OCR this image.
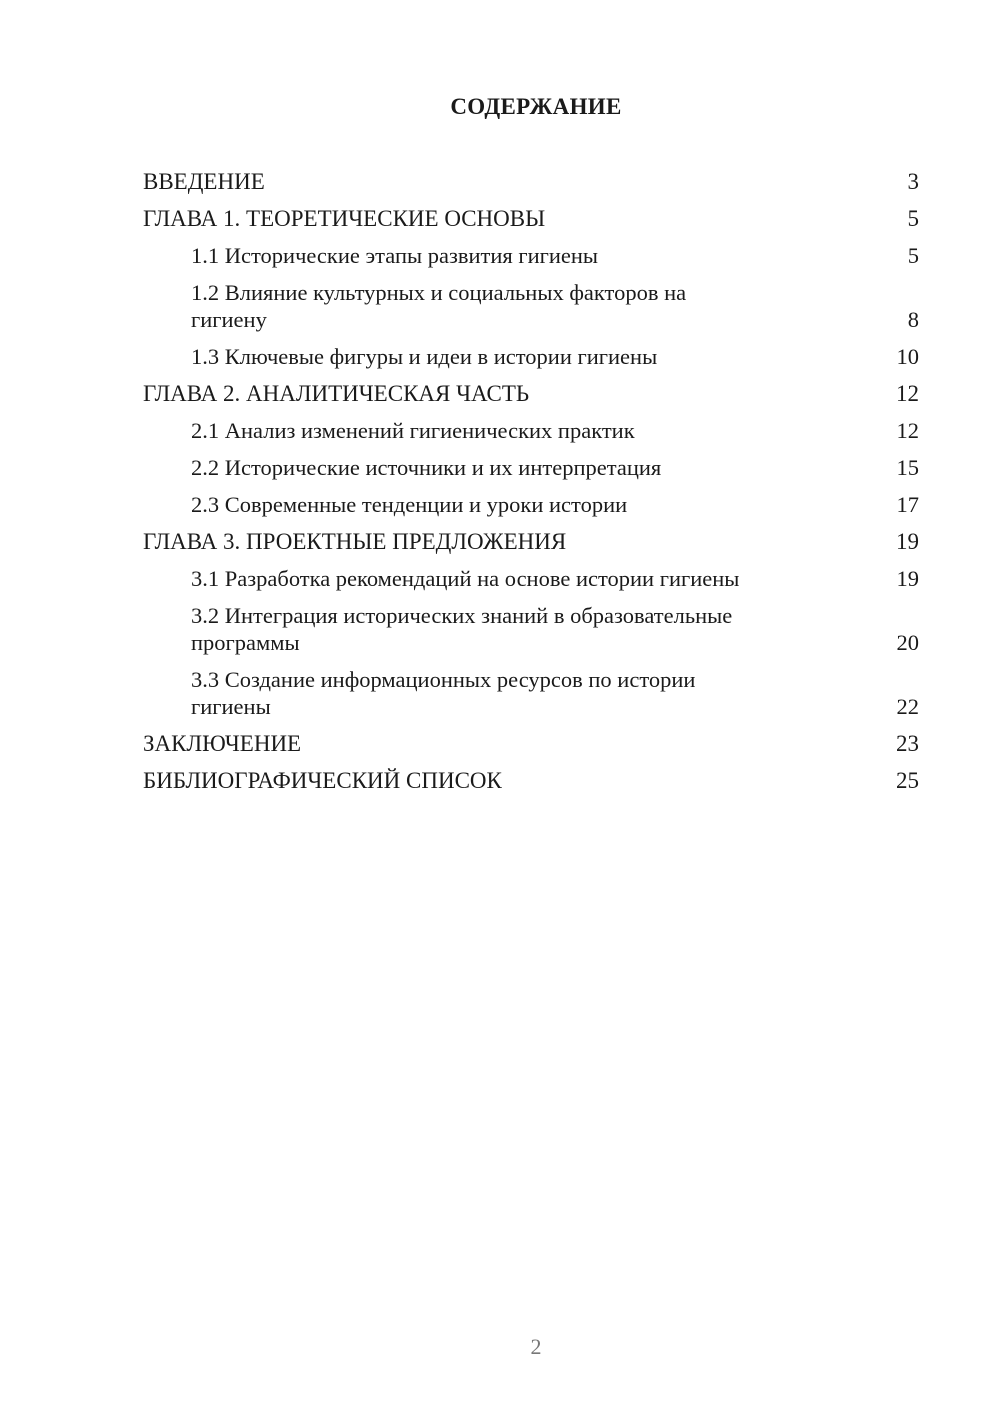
СОДЕРЖАНИЕ
ВВЕДЕНИЕ	3
ГЛАВА 1. ТЕОРЕТИЧЕСКИЕ ОСНОВЫ	5
1.1 Исторические этапы развития гигиены	5
1.2 Влияние культурных и социальных факторов на гигиену	8
1.3 Ключевые фигуры и идеи в истории гигиены	10
ГЛАВА 2. АНАЛИТИЧЕСКАЯ ЧАСТЬ	12
2.1 Анализ изменений гигиенических практик	12
2.2 Исторические источники и их интерпретация	15
2.3 Современные тенденции и уроки истории	17
ГЛАВА 3. ПРОЕКТНЫЕ ПРЕДЛОЖЕНИЯ	19
3.1 Разработка рекомендаций на основе истории гигиены	19
3.2 Интеграция исторических знаний в образовательные программы	20
3.3 Создание информационных ресурсов по истории гигиены	22
ЗАКЛЮЧЕНИЕ	23
БИБЛИОГРАФИЧЕСКИЙ СПИСОК	25
2
